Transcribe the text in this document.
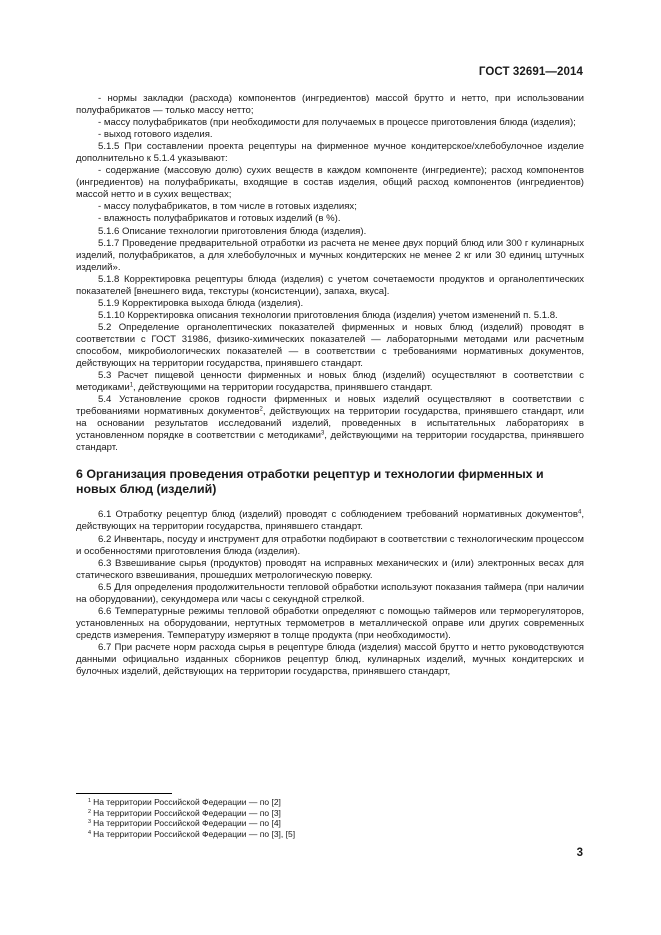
ГОСТ 32691—2014

- нормы закладки (расхода) компонентов (ингредиентов) массой брутто и нетто, при использовании полуфабрикатов — только массу нетто;

- массу полуфабрикатов (при необходимости для получаемых в процессе приготовления блюда (изделия);

- выход готового изделия.

5.1.5 При составлении проекта рецептуры на фирменное мучное кондитерское/хлебобулочное изделие дополнительно к 5.1.4 указывают:

- содержание (массовую долю) сухих веществ в каждом компоненте (ингредиенте); расход компонентов (ингредиентов) на полуфабрикаты, входящие в состав изделия, общий расход компонентов (ингредиентов) массой нетто и в сухих веществах;

- массу полуфабрикатов, в том числе в готовых изделиях;

- влажность полуфабрикатов и готовых изделий (в %).

5.1.6 Описание технологии приготовления блюда (изделия).

5.1.7 Проведение предварительной отработки из расчета не менее двух порций блюд или 300 г кулинарных изделий, полуфабрикатов, а для хлебобулочных и мучных кондитерских не менее 2 кг или 30 единиц штучных изделий».

5.1.8 Корректировка рецептуры блюда (изделия) с учетом сочетаемости продуктов и органолептических показателей [внешнего вида, текстуры (консистенции), запаха, вкуса].

5.1.9 Корректировка выхода блюда (изделия).

5.1.10 Корректировка описания технологии приготовления блюда (изделия) учетом изменений п. 5.1.8.

5.2 Определение органолептических показателей фирменных и новых блюд (изделий) проводят в соответствии с ГОСТ 31986, физико-химических показателей — лабораторными методами или расчетным способом, микробиологических показателей — в соответствии с требованиями нормативных документов, действующих на территории государства, принявшего стандарт.

5.3 Расчет пищевой ценности фирменных и новых блюд (изделий) осуществляют в соответствии с методиками$^1$, действующими на территории государства, принявшего стандарт.

5.4 Установление сроков годности фирменных и новых изделий осуществляют в соответствии с требованиями нормативных документов$^2$, действующих на территории государства, принявшего стандарт, или на основании результатов исследований изделий, проведенных в испытательных лабораториях в установленном порядке в соответствии с методиками$^3$, действующими на территории государства, принявшего стандарт.

6 Организация проведения отработки рецептур и технологии фирменных и новых блюд (изделий)

6.1 Отработку рецептур блюд (изделий) проводят с соблюдением требований нормативных документов$^4$, действующих на территории государства, принявшего стандарт.

6.2 Инвентарь, посуду и инструмент для отработки подбирают в соответствии с технологическим процессом и особенностями приготовления блюда (изделия).

6.3 Взвешивание сырья (продуктов) проводят на исправных механических и (или) электронных весах для статического взвешивания, прошедших метрологическую поверку.

6.5 Для определения продолжительности тепловой обработки используют показания таймера (при наличии на оборудовании), секундомера или часы с секундной стрелкой.

6.6 Температурные режимы тепловой обработки определяют с помощью таймеров или терморегуляторов, установленных на оборудовании, нертутных термометров в металлической оправе или других современных средств измерения. Температуру измеряют в толще продукта (при необходимости).

6.7 При расчете норм расхода сырья в рецептуре блюда (изделия) массой брутто и нетто руководствуются данными официально изданных сборников рецептур блюд, кулинарных изделий, мучных кондитерских и булочных изделий, действующих на территории государства, принявшего стандарт,

$^1$ На территории Российской Федерации — по [2]

$^2$ На территории Российской Федерации — по [3]

$^3$ На территории Российской Федерации — по [4]

$^4$ На территории Российской Федерации — по [3], [5]

3
